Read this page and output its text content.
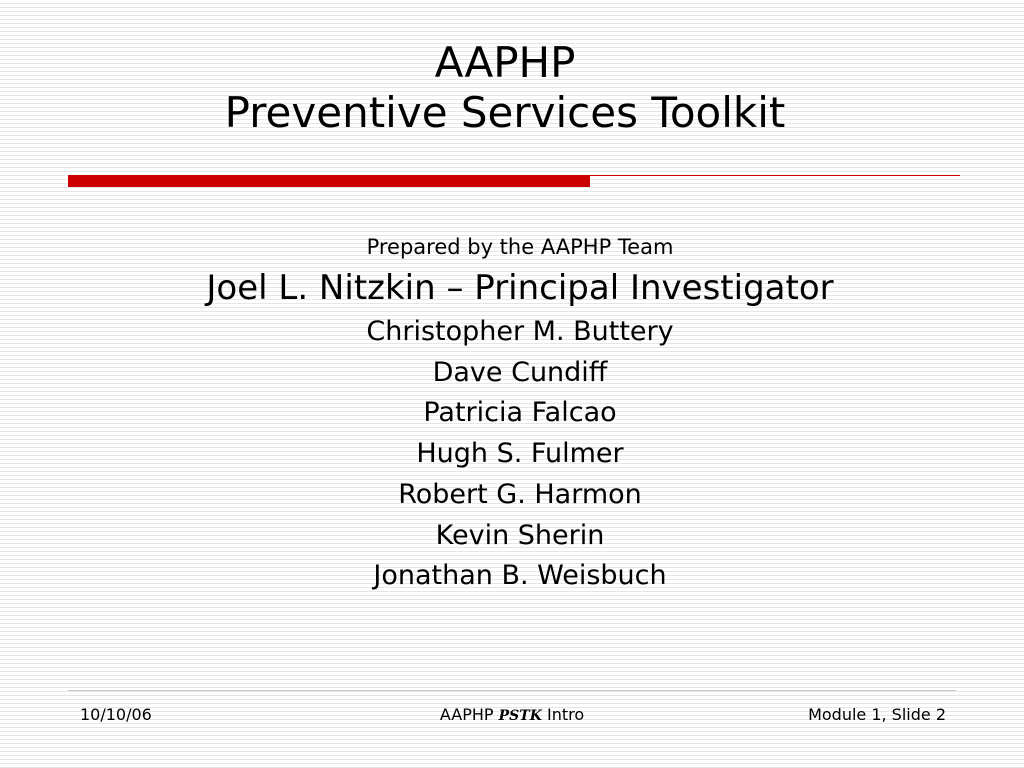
AAPHP
Preventive Services Toolkit
Prepared by the AAPHP Team
Joel L. Nitzkin – Principal Investigator
Christopher M. Buttery
Dave Cundiff
Patricia Falcao
Hugh S. Fulmer
Robert G. Harmon
Kevin Sherin
Jonathan B. Weisbuch
10/10/06	AAPHP PSTK Intro	Module 1, Slide 2
